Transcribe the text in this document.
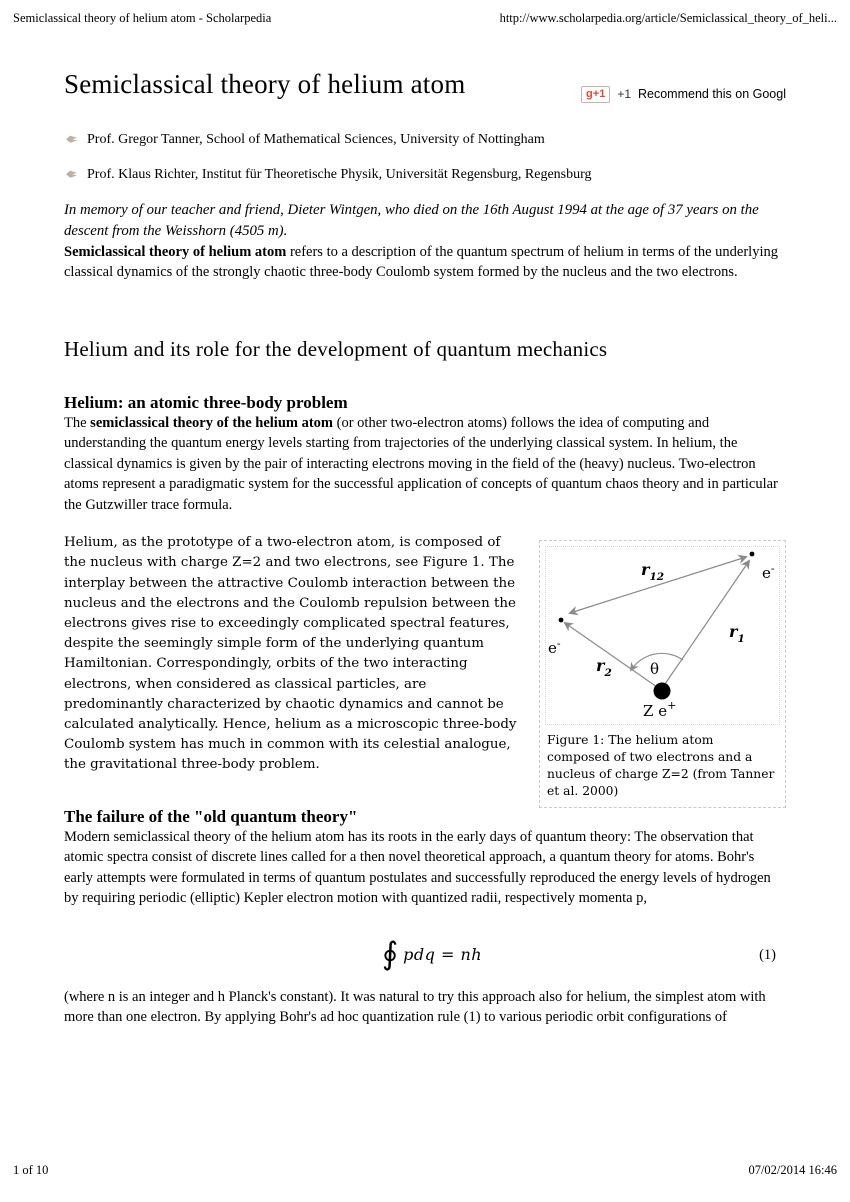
Semiclassical theory of helium atom - Scholarpedia	http://www.scholarpedia.org/article/Semiclassical_theory_of_heli...
Semiclassical theory of helium atom	g+1	+1 Recommend this on Googl
Prof. Gregor Tanner, School of Mathematical Sciences, University of Nottingham
Prof. Klaus Richter, Institut für Theoretische Physik, Universität Regensburg, Regensburg

In memory of our teacher and friend, Dieter Wintgen, who died on the 16th August 1994 at the age of 37 years on the descent from the Weisshorn (4505 m).

Semiclassical theory of helium atom refers to a description of the quantum spectrum of helium in terms of the underlying classical dynamics of the strongly chaotic three-body Coulomb system formed by the nucleus and the two electrons.

Helium and its role for the development of quantum mechanics
Helium: an atomic three-body problem

The semiclassical theory of the helium atom (or other two-electron atoms) follows the idea of computing and understanding the quantum energy levels starting from trajectories of the underlying classical system. In helium, the classical dynamics is given by the pair of interacting electrons moving in the field of the (heavy) nucleus. Two-electron atoms represent a paradigmatic system for the successful application of concepts of quantum chaos theory and in particular the Gutzwiller trace formula.

$r_{12}$
$r_1$
$r_2$	θ
e-
e-
Z e+
Figure 1: The helium atom composed of two electrons and a nucleus of charge Z=2 (from Tanner et al. 2000)

Helium, as the prototype of a two-electron atom, is composed of the nucleus with charge Z=2 and two electrons, see Figure 1. The interplay between the attractive Coulomb interaction between the nucleus and the electrons and the Coulomb repulsion between the electrons gives rise to exceedingly complicated spectral features, despite the seemingly simple form of the underlying quantum Hamiltonian. Correspondingly, orbits of the two interacting electrons, when considered as classical particles, are predominantly characterized by chaotic dynamics and cannot be calculated analytically. Hence, helium as a microscopic three-body Coulomb system has much in common with its celestial analogue, the gravitational three-body problem.

The failure of the "old quantum theory"

Modern semiclassical theory of the helium atom has its roots in the early days of quantum theory: The observation that atomic spectra consist of discrete lines called for a then novel theoretical approach, a quantum theory for atoms. Bohr's early attempts were formulated in terms of quantum postulates and successfully reproduced the energy levels of hydrogen by requiring periodic (elliptic) Kepler electron motion with quantized radii, respectively momenta p,

∮ pdq = nh	(1)

(where n is an integer and h Planck's constant). It was natural to try this approach also for helium, the simplest atom with more than one electron. By applying Bohr's ad hoc quantization rule (1) to various periodic orbit configurations of

1 of 10	07/02/2014 16:46
